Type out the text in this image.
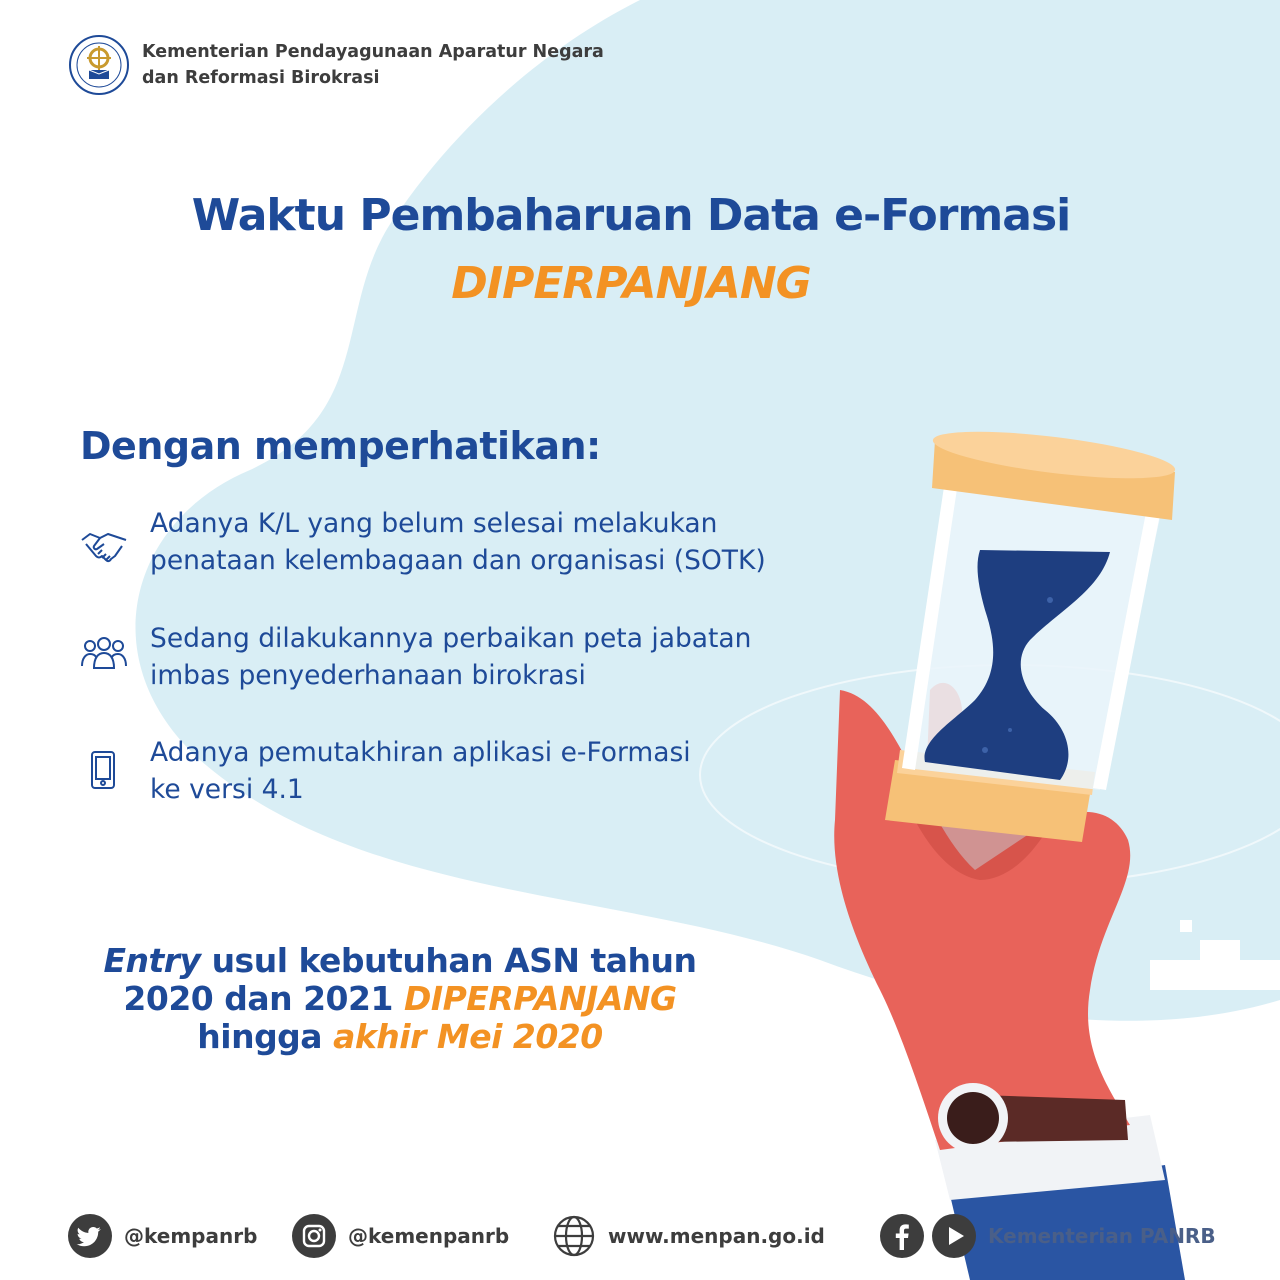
Kementerian Pendayagunaan Aparatur Negara
dan Reformasi Birokrasi
Waktu Pembaharuan Data e-Formasi
DIPERPANJANG
Dengan memperhatikan:
Adanya K/L yang belum selesai melakukan
penataan kelembagaan dan organisasi (SOTK)
Sedang dilakukannya perbaikan peta jabatan
imbas penyederhanaan birokrasi
Adanya pemutakhiran aplikasi e-Formasi
ke versi 4.1
Entry usul kebutuhan ASN tahun
2020 dan 2021 DIPERPANJANG
hingga akhir Mei 2020
@kempanrb	@kemenpanrb	www.menpan.go.id	Kementerian PANRB
